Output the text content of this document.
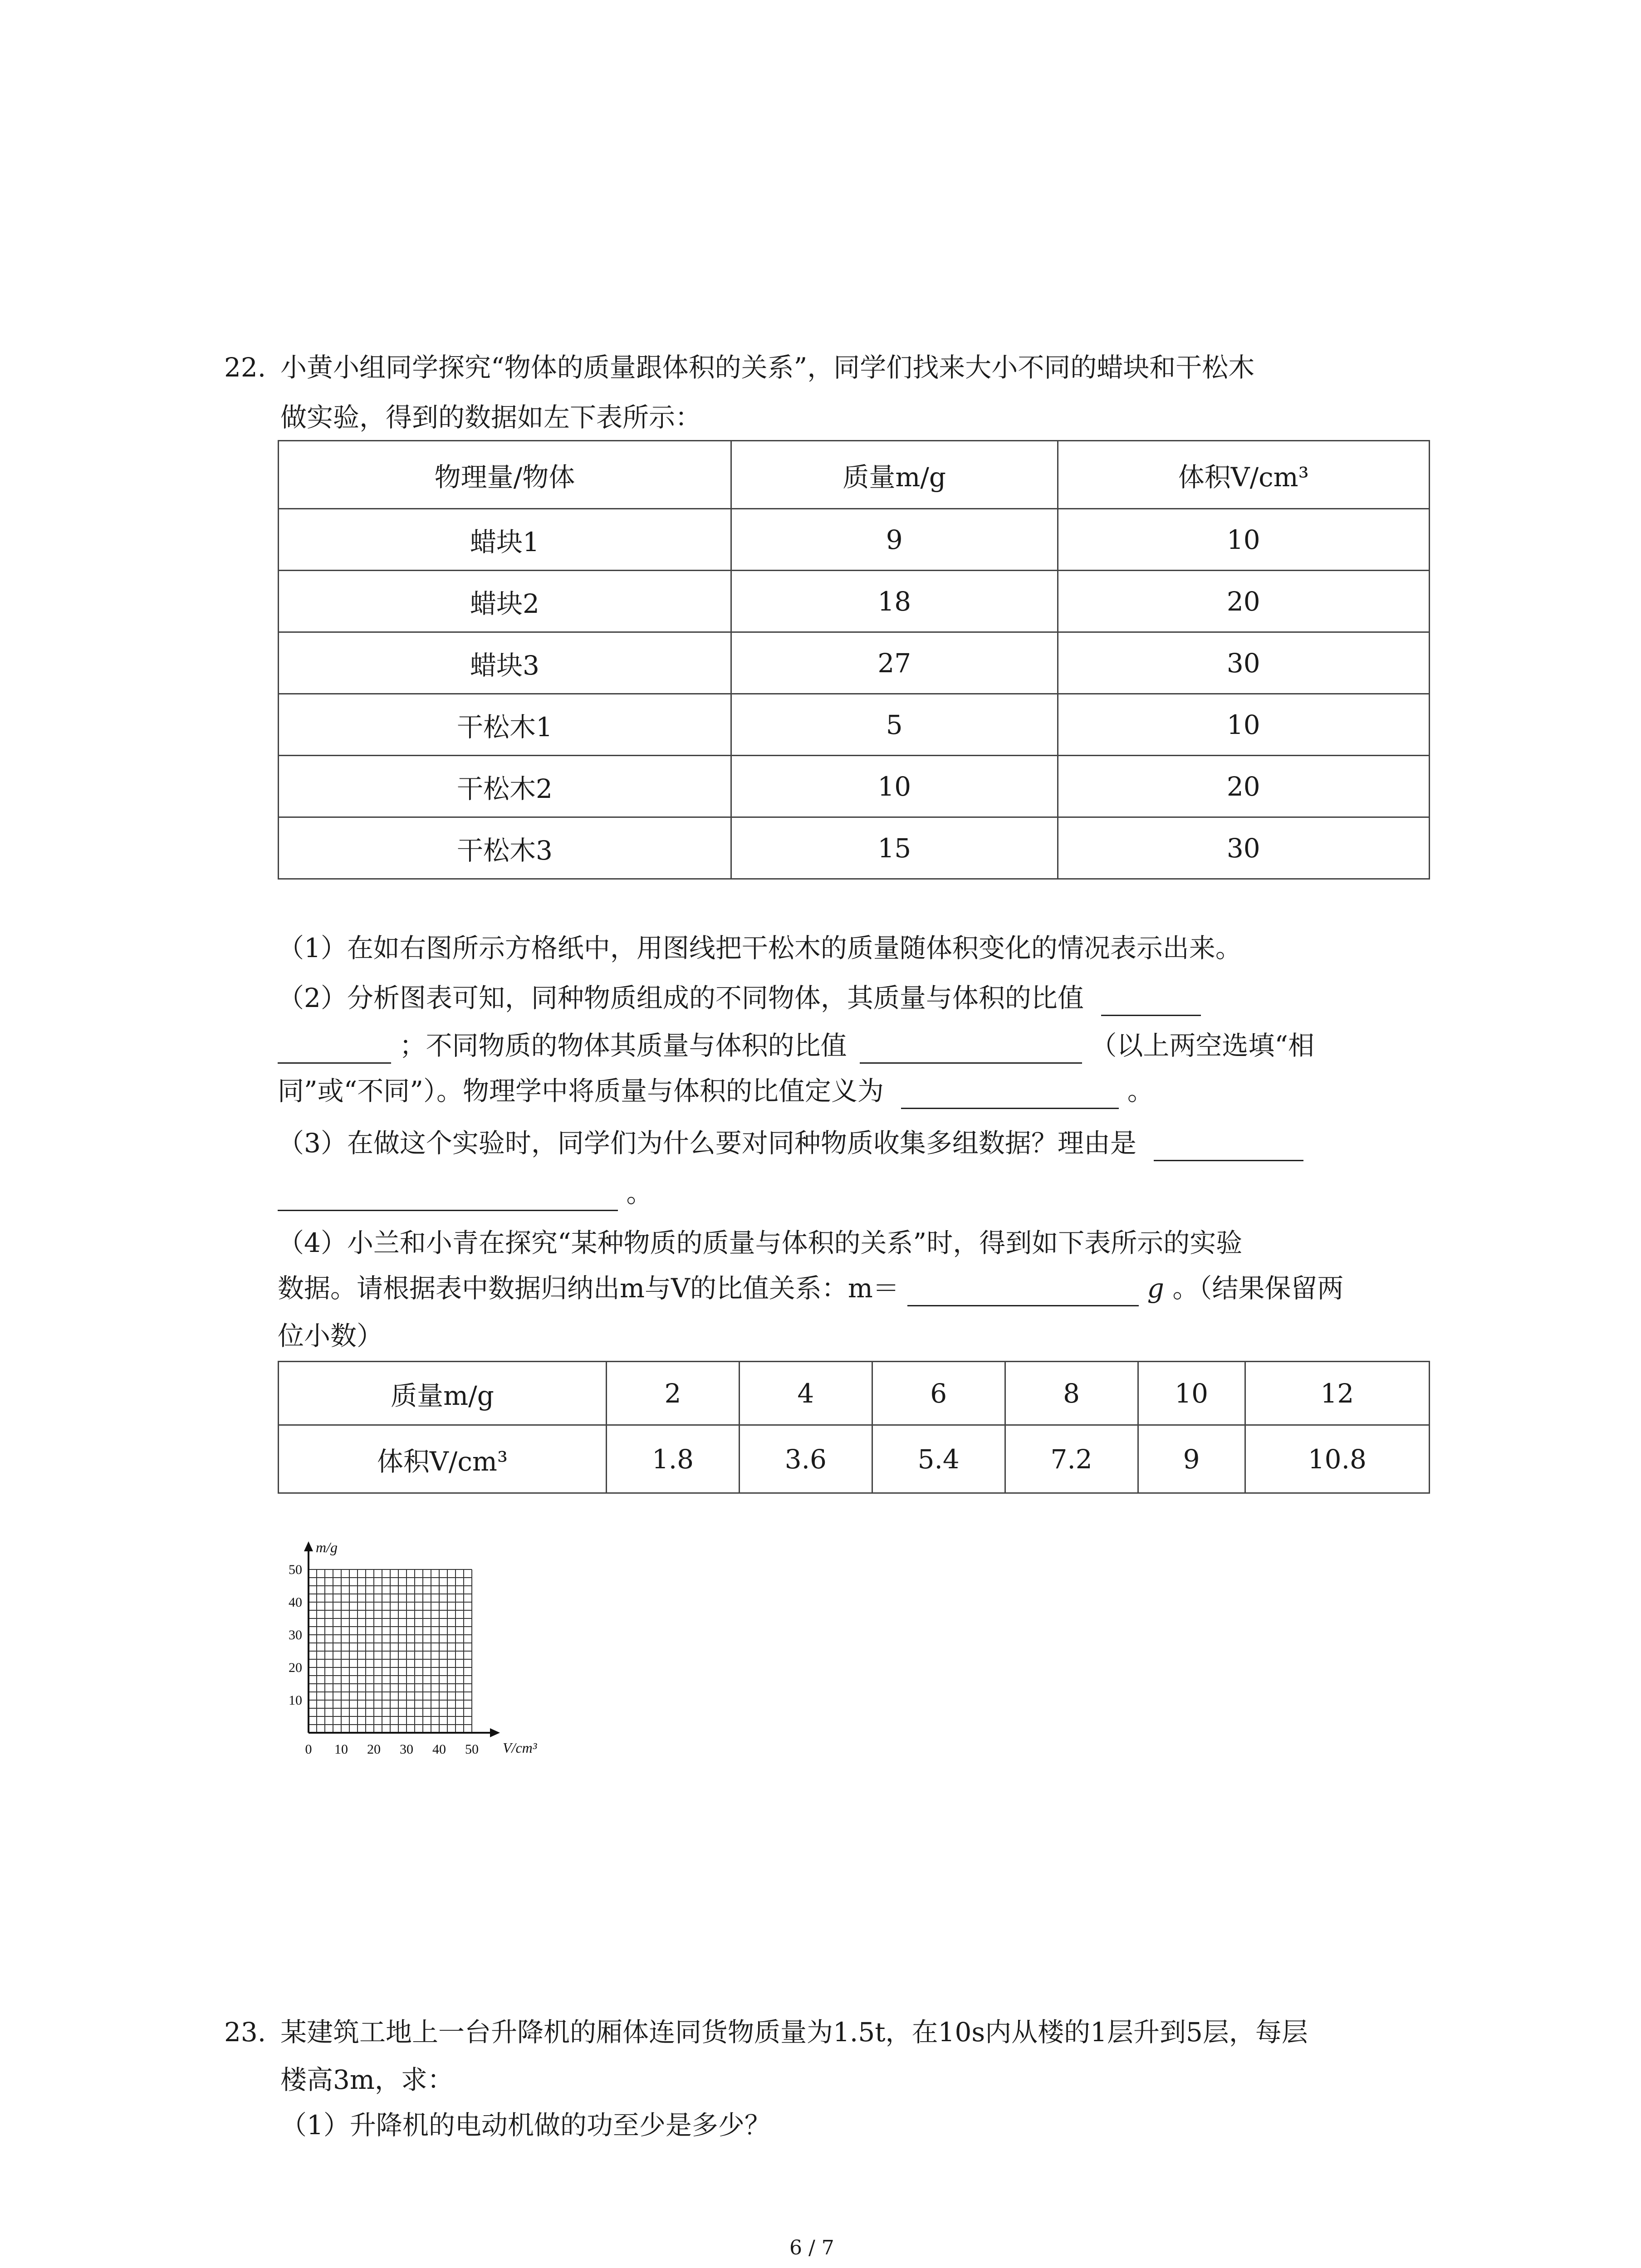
22. 小黄小组同学探究“物体的质量跟体积的关系”，同学们找来大小不同的蜡块和干松木
做实验，得到的数据如左下表所示：
物理量/物体	质量m/g	体积V/cm³
蜡块1	9	10
蜡块2	18	20
蜡块3	27	30
干松木1	5	10
干松木2	10	20
干松木3	15	30
（1）在如右图所示方格纸中，用图线把干松木的质量随体积变化的情况表示出来。
（2）分析图表可知，同种物质组成的不同物体，其质量与体积的比值
；不同物质的物体其质量与体积的比值	（以上两空选填“相
同”或“不同”）。物理学中将质量与体积的比值定义为	。
（3）在做这个实验时，同学们为什么要对同种物质收集多组数据？理由是
。
（4）小兰和小青在探究“某种物质的质量与体积的关系”时，得到如下表所示的实验
数据。请根据表中数据归纳出m与V的比值关系：m＝	g 。（结果保留两
位小数）
质量m/g	2	4	6	8	10	12
体积V/cm³	1.8	3.6	5.4	7.2	9	10.8
0 10 20 30 40 50
10
20
30
40
50
m/g
V/cm³
23. 某建筑工地上一台升降机的厢体连同货物质量为1.5t，在10s内从楼的1层升到5层，每层
楼高3m，求：
（1）升降机的电动机做的功至少是多少？
6 / 7
